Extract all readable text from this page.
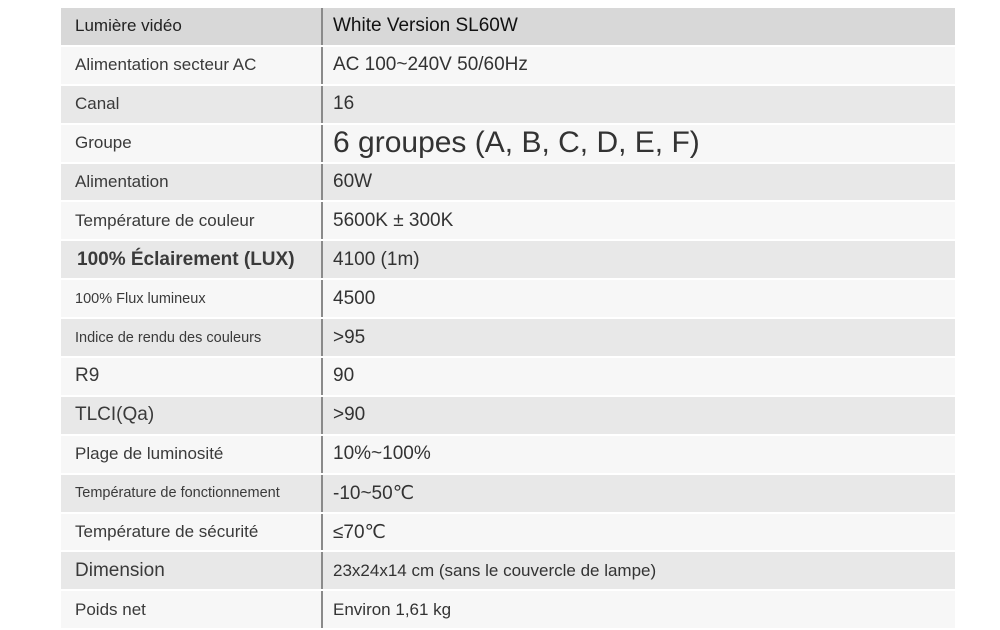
Lumière vidéo	White Version SL60W
Alimentation secteur AC	AC 100~240V 50/60Hz
Canal	16
Groupe	6 groupes (A, B, C, D, E, F)
Alimentation	60W
Température de couleur	5600K ± 300K
100% Éclairement (LUX)	4100 (1m)
100% Flux lumineux	4500
Indice de rendu des couleurs	>95
R9	90
TLCI(Qa)	>90
Plage de luminosité	10%~100%
Température de fonctionnement	-10~50℃
Température de sécurité	≤70℃
Dimension	23x24x14 cm (sans le couvercle de lampe)
Poids net	Environ 1,61 kg
